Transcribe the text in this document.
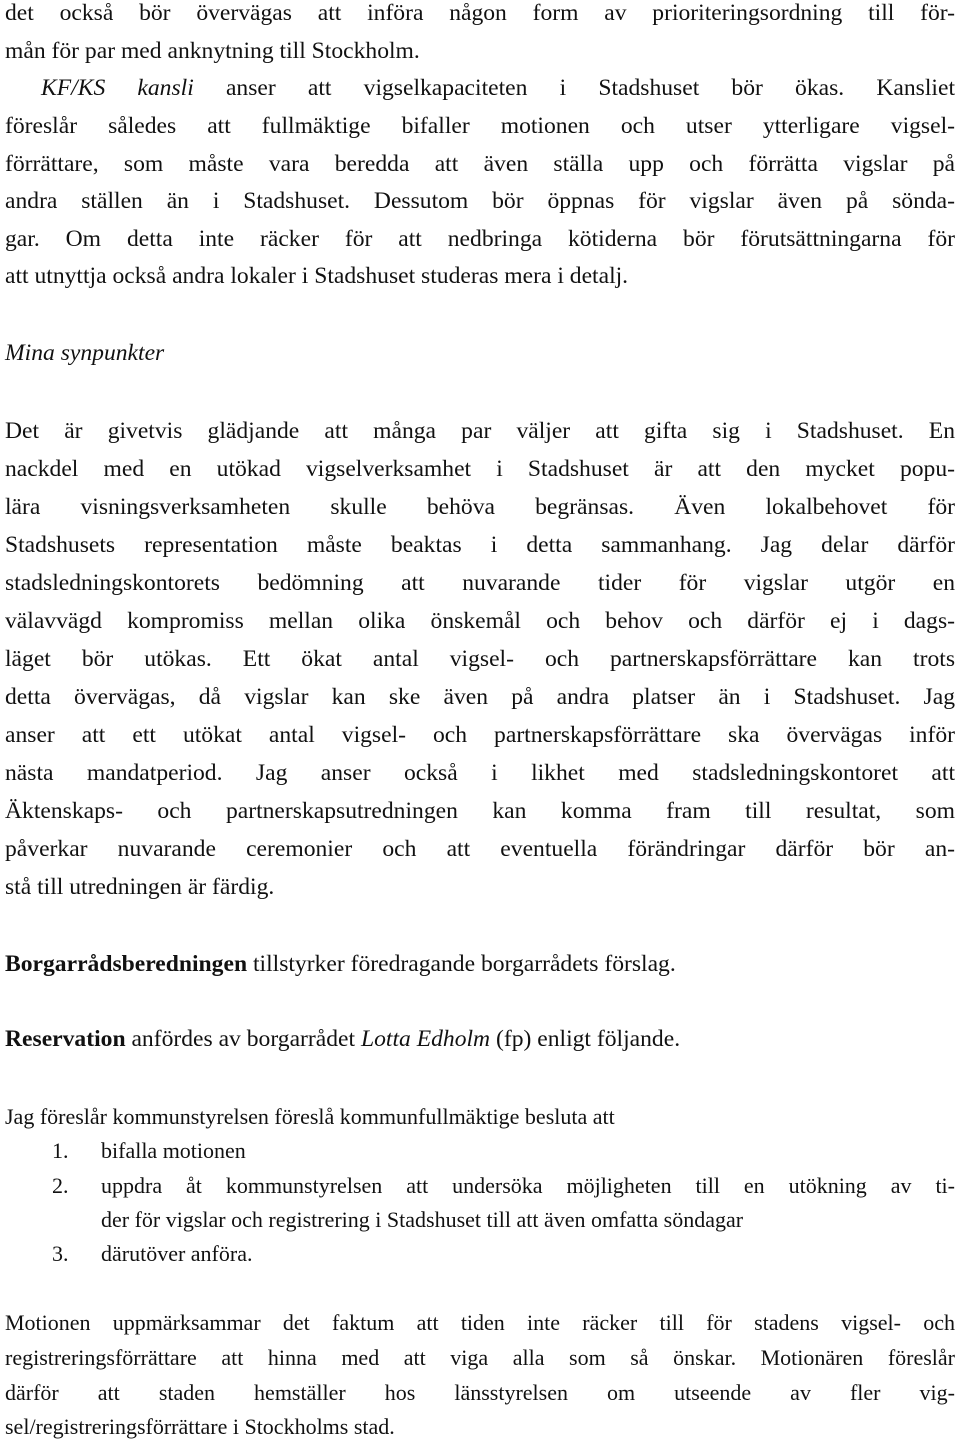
det också bör övervägas att införa någon form av prioriteringsordning till för-
mån för par med anknytning till Stockholm.
KF/KS kansli anser att vigselkapaciteten i Stadshuset bör ökas. Kansliet
föreslår således att fullmäktige bifaller motionen och utser ytterligare vigsel-
förrättare, som måste vara beredda att även ställa upp och förrätta vigslar på
andra ställen än i Stadshuset. Dessutom bör öppnas för vigslar även på sönda-
gar. Om detta inte räcker för att nedbringa kötiderna bör förutsättningarna för
att utnyttja också andra lokaler i Stadshuset studeras mera i detalj.
Mina synpunkter
Det är givetvis glädjande att många par väljer att gifta sig i Stadshuset. En
nackdel med en utökad vigselverksamhet i Stadshuset är att den mycket popu-
lära visningsverksamheten skulle behöva begränsas. Även lokalbehovet för
Stadshusets representation måste beaktas i detta sammanhang. Jag delar därför
stadsledningskontorets bedömning att nuvarande tider för vigslar utgör en
välavvägd kompromiss mellan olika önskemål och behov och därför ej i dags-
läget bör utökas. Ett ökat antal vigsel- och partnerskapsförrättare kan trots
detta övervägas, då vigslar kan ske även på andra platser än i Stadshuset. Jag
anser att ett utökat antal vigsel- och partnerskapsförrättare ska övervägas inför
nästa mandatperiod. Jag anser också i likhet med stadsledningskontoret att
Äktenskaps- och partnerskapsutredningen kan komma fram till resultat, som
påverkar nuvarande ceremonier och att eventuella förändringar därför bör an-
stå till utredningen är färdig.
Borgarrådsberedningen tillstyrker föredragande borgarrådets förslag.
Reservation anfördes av borgarrådet Lotta Edholm (fp) enligt följande.
Jag föreslår kommunstyrelsen föreslå kommunfullmäktige besluta att
1. bifalla motionen
2. uppdra åt kommunstyrelsen att undersöka möjligheten till en utökning av ti-
der för vigslar och registrering i Stadshuset till att även omfatta söndagar
3. därutöver anföra.
Motionen uppmärksammar det faktum att tiden inte räcker till för stadens vigsel- och
registreringsförrättare att hinna med att viga alla som så önskar. Motionären föreslår
därför att staden hemställer hos länsstyrelsen om utseende av fler vig-
sel/registreringsförrättare i Stockholms stad.
